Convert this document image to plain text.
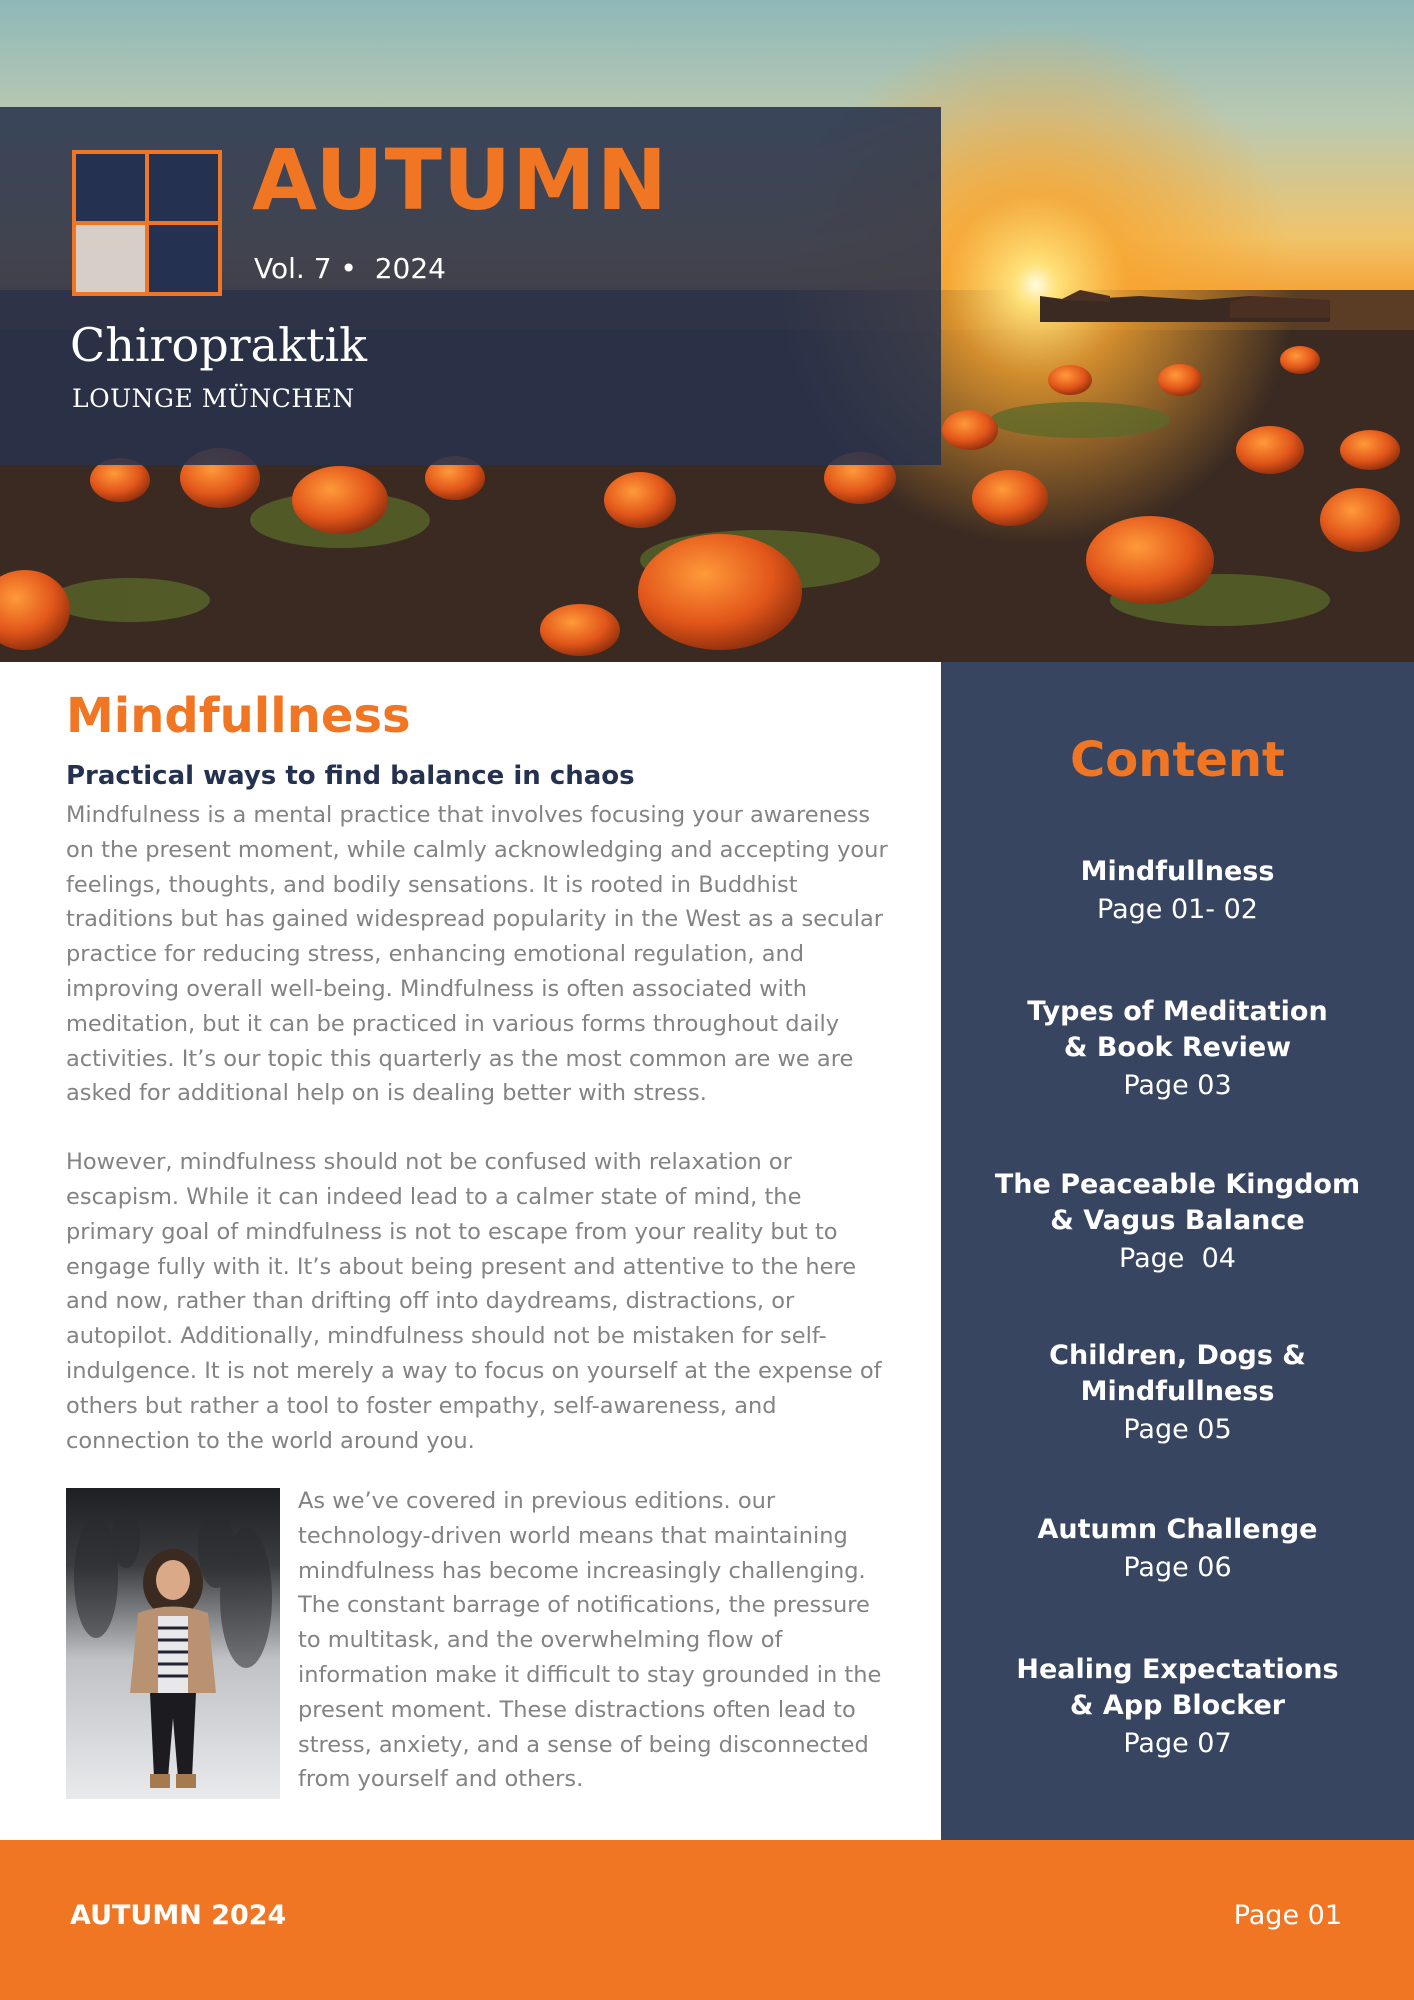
AUTUMN
Vol. 7 •  2024
Chiropraktik
LOUNGE MÜNCHEN
Mindfullness
Practical ways to find balance in chaos

Mindfulness is a mental practice that involves focusing your awareness on the present moment, while calmly acknowledging and accepting your feelings, thoughts, and bodily sensations. It is rooted in Buddhist traditions but has gained widespread popularity in the West as a secular practice for reducing stress, enhancing emotional regulation, and improving overall well-being. Mindfulness is often associated with meditation, but it can be practiced in various forms throughout daily activities. It’s our topic this quarterly as the most common are we are asked for additional help on is dealing better with stress.

However, mindfulness should not be confused with relaxation or escapism. While it can indeed lead to a calmer state of mind, the primary goal of mindfulness is not to escape from your reality but to engage fully with it. It’s about being present and attentive to the here and now, rather than drifting off into daydreams, distractions, or autopilot. Additionally, mindfulness should not be mistaken for self-indulgence. It is not merely a way to focus on yourself at the expense of others but rather a tool to foster empathy, self-awareness, and connection to the world around you.

As we’ve covered in previous editions. our technology-driven world means that maintaining mindfulness has become increasingly challenging. The constant barrage of notifications, the pressure to multitask, and the overwhelming flow of information make it difficult to stay grounded in the present moment. These distractions often lead to stress, anxiety, and a sense of being disconnected from yourself and others.

Content
Mindfullness
Page 01- 02
Types of Meditation
& Book Review
Page 03
The Peaceable Kingdom
& Vagus Balance
Page  04
Children, Dogs &
Mindfullness
Page 05
Autumn Challenge
Page 06
Healing Expectations
& App Blocker
Page 07
AUTUMN 2024	Page 01
